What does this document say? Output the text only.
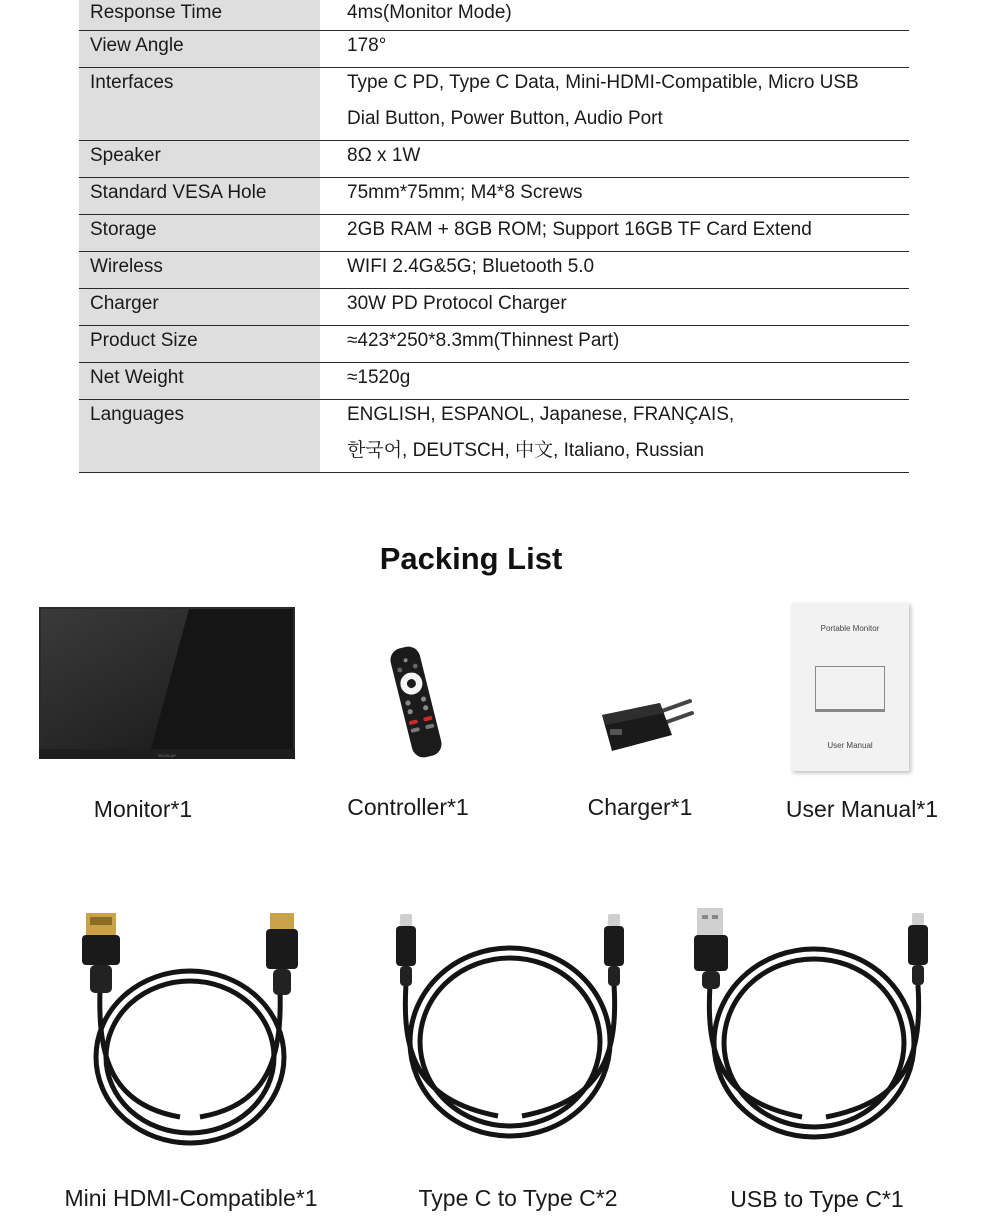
Response Time	4ms(Monitor Mode)

View Angle	178°

Interfaces	Type C PD, Type C Data, Mini-HDMI-Compatible, Micro USB
Dial Button, Power Button, Audio Port

Speaker	8Ω x 1W

Standard VESA Hole	75mm*75mm; M4*8 Screws

Storage	2GB RAM + 8GB ROM; Support 16GB TF Card Extend

Wireless	WIFI 2.4G&5G; Bluetooth 5.0

Charger	30W PD Protocol Charger

Product Size	≈423*250*8.3mm(Thinnest Part)

Net Weight	≈1520g

Languages	ENGLISH, ESPANOL, Japanese, FRANÇAIS,
한국어, DEUTSCH, 中文, Italiano, Russian
Packing List
ZEUSLAP
Monitor*1	Controller*1	Charger*1
Portable Monitor
User Manual
User Manual*1
Mini HDMI-Compatible*1	Type C to Type C*2	USB to Type C*1
